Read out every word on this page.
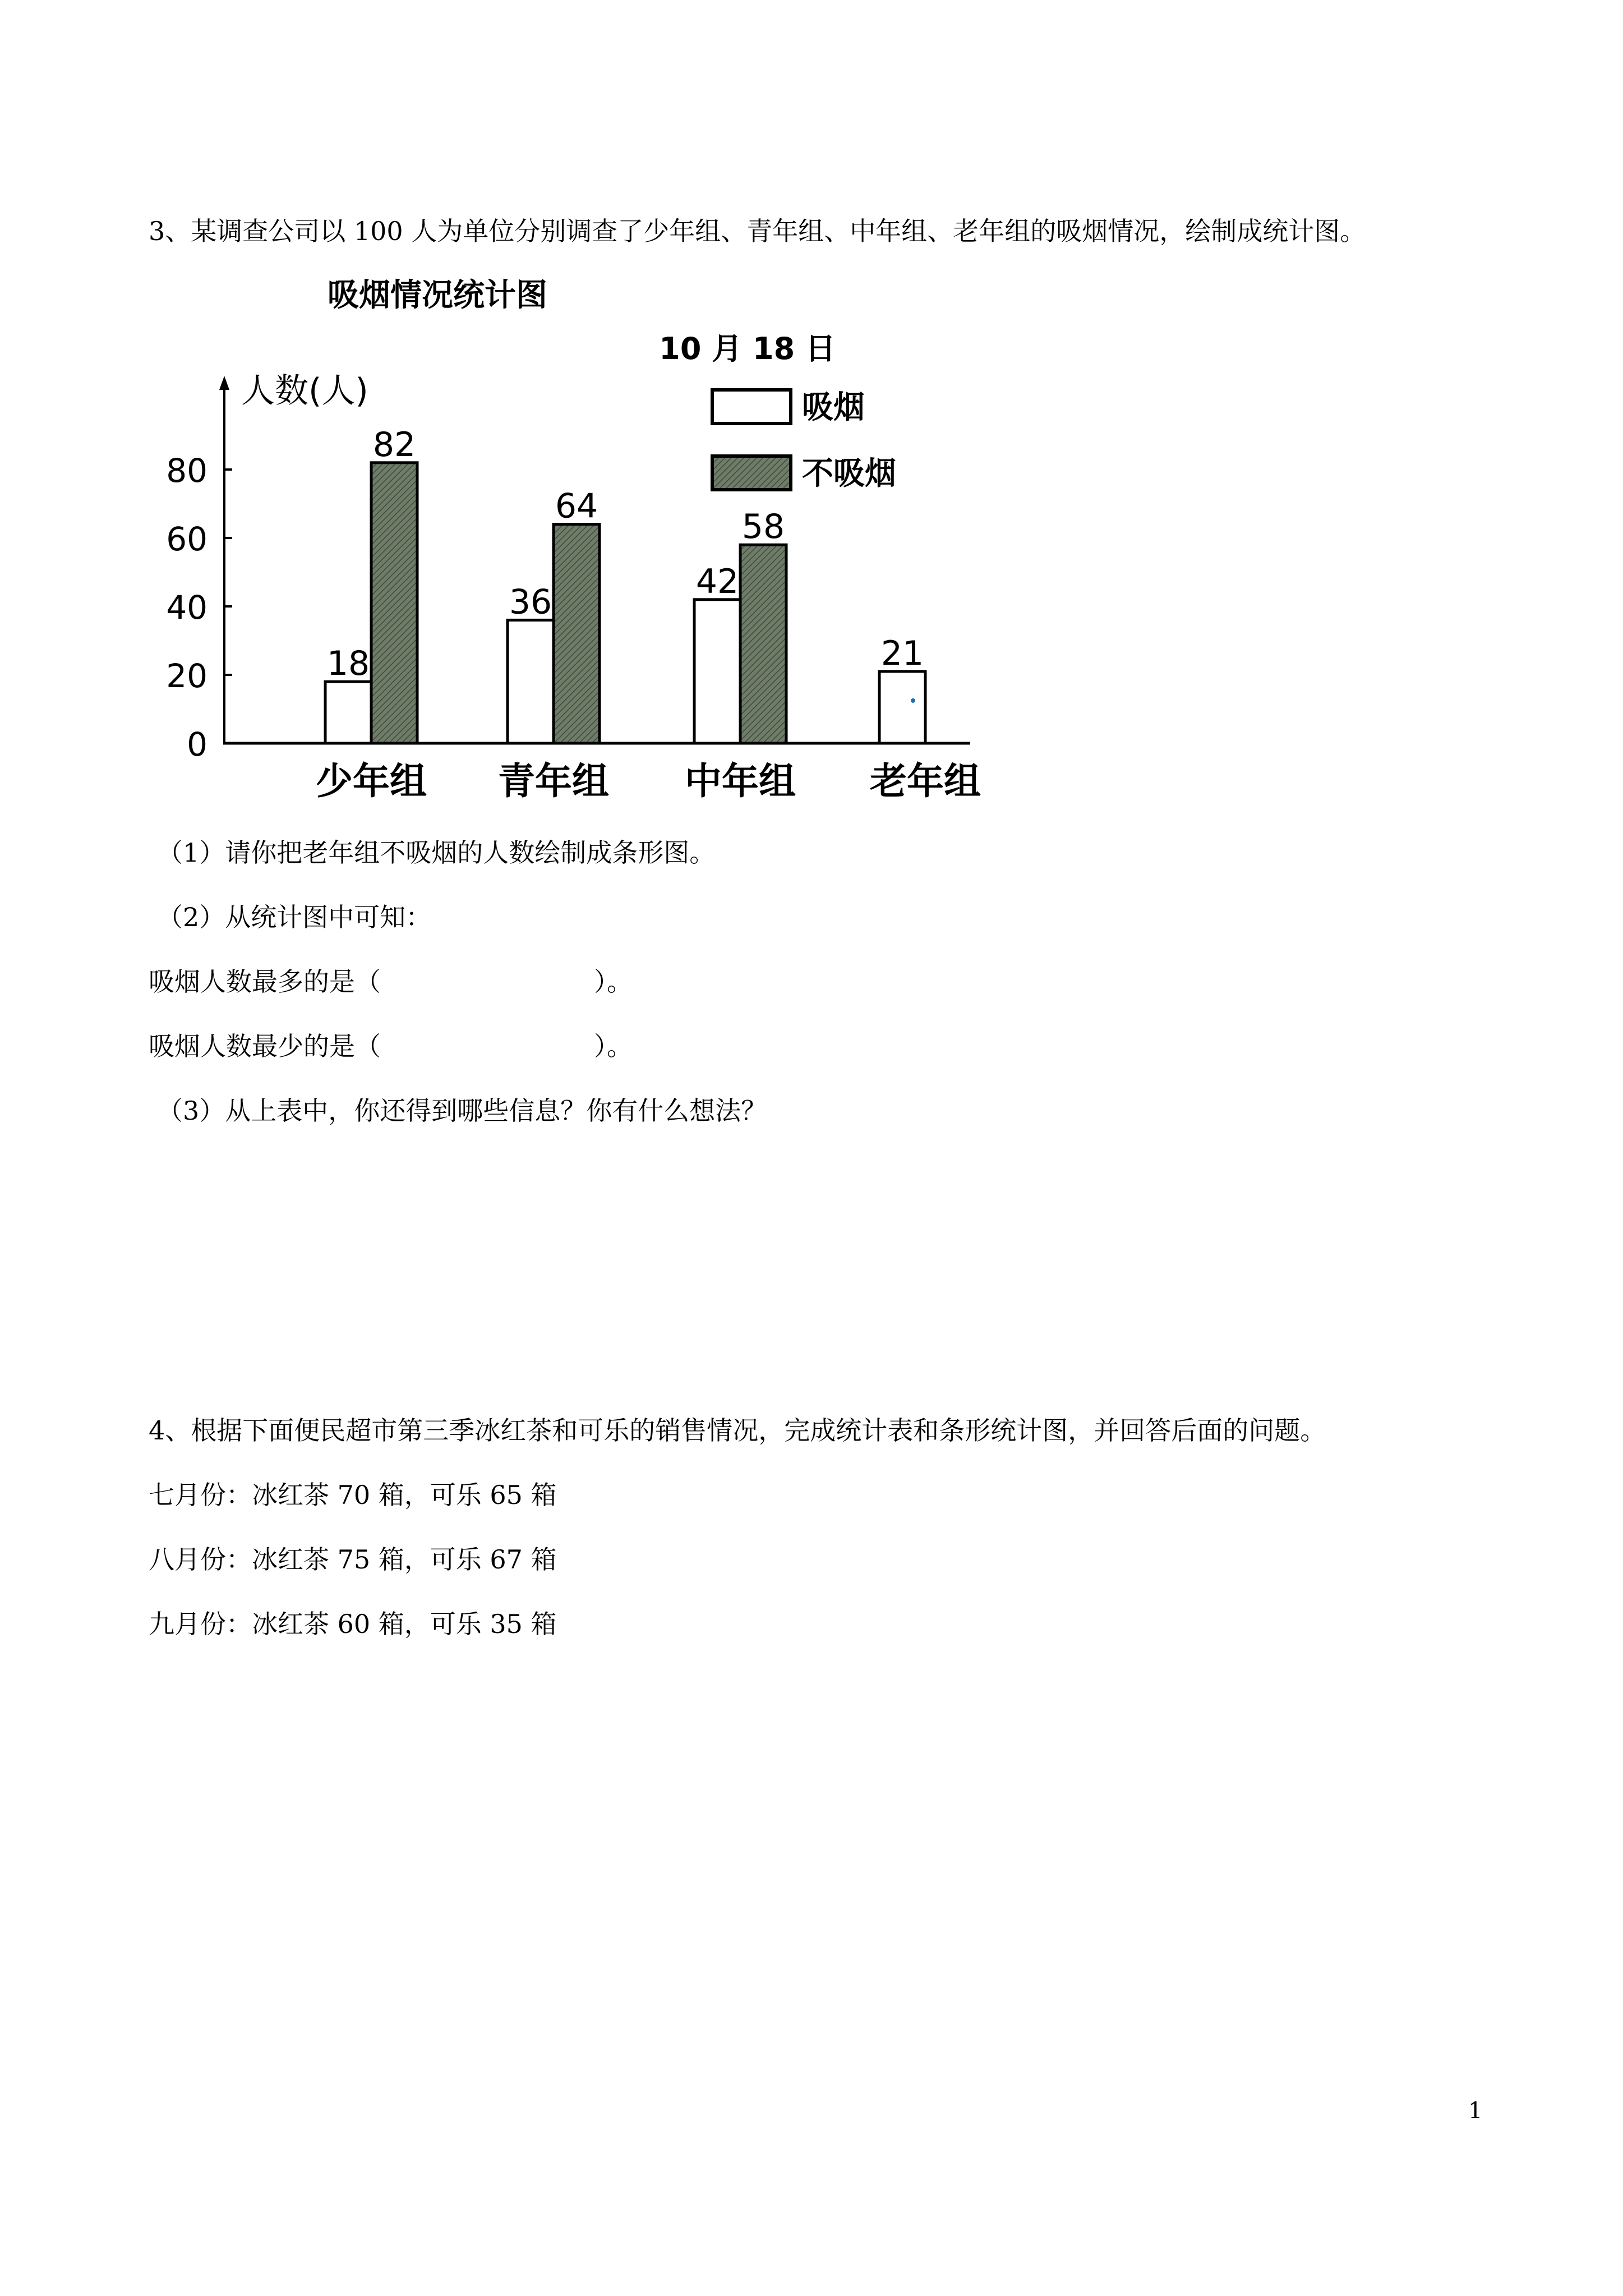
3、某调查公司以 100 人为单位分别调查了少年组、青年组、中年组、老年组的吸烟情况，绘制成统计图。
吸烟情况统计图
10 月 18 日
人数(人)	吸烟
不吸烟
0
20
40
60
80
18
82
36
64
42
58
21
少年组 青年组 中年组 老年组
（1）请你把老年组不吸烟的人数绘制成条形图。
（2）从统计图中可知：
吸烟人数最多的是（	）。
吸烟人数最少的是（	）。
（3）从上表中，你还得到哪些信息？你有什么想法？
4、根据下面便民超市第三季冰红茶和可乐的销售情况，完成统计表和条形统计图，并回答后面的问题。
七月份：冰红茶 70 箱，可乐 65 箱
八月份：冰红茶 75 箱，可乐 67 箱
九月份：冰红茶 60 箱，可乐 35 箱
1
